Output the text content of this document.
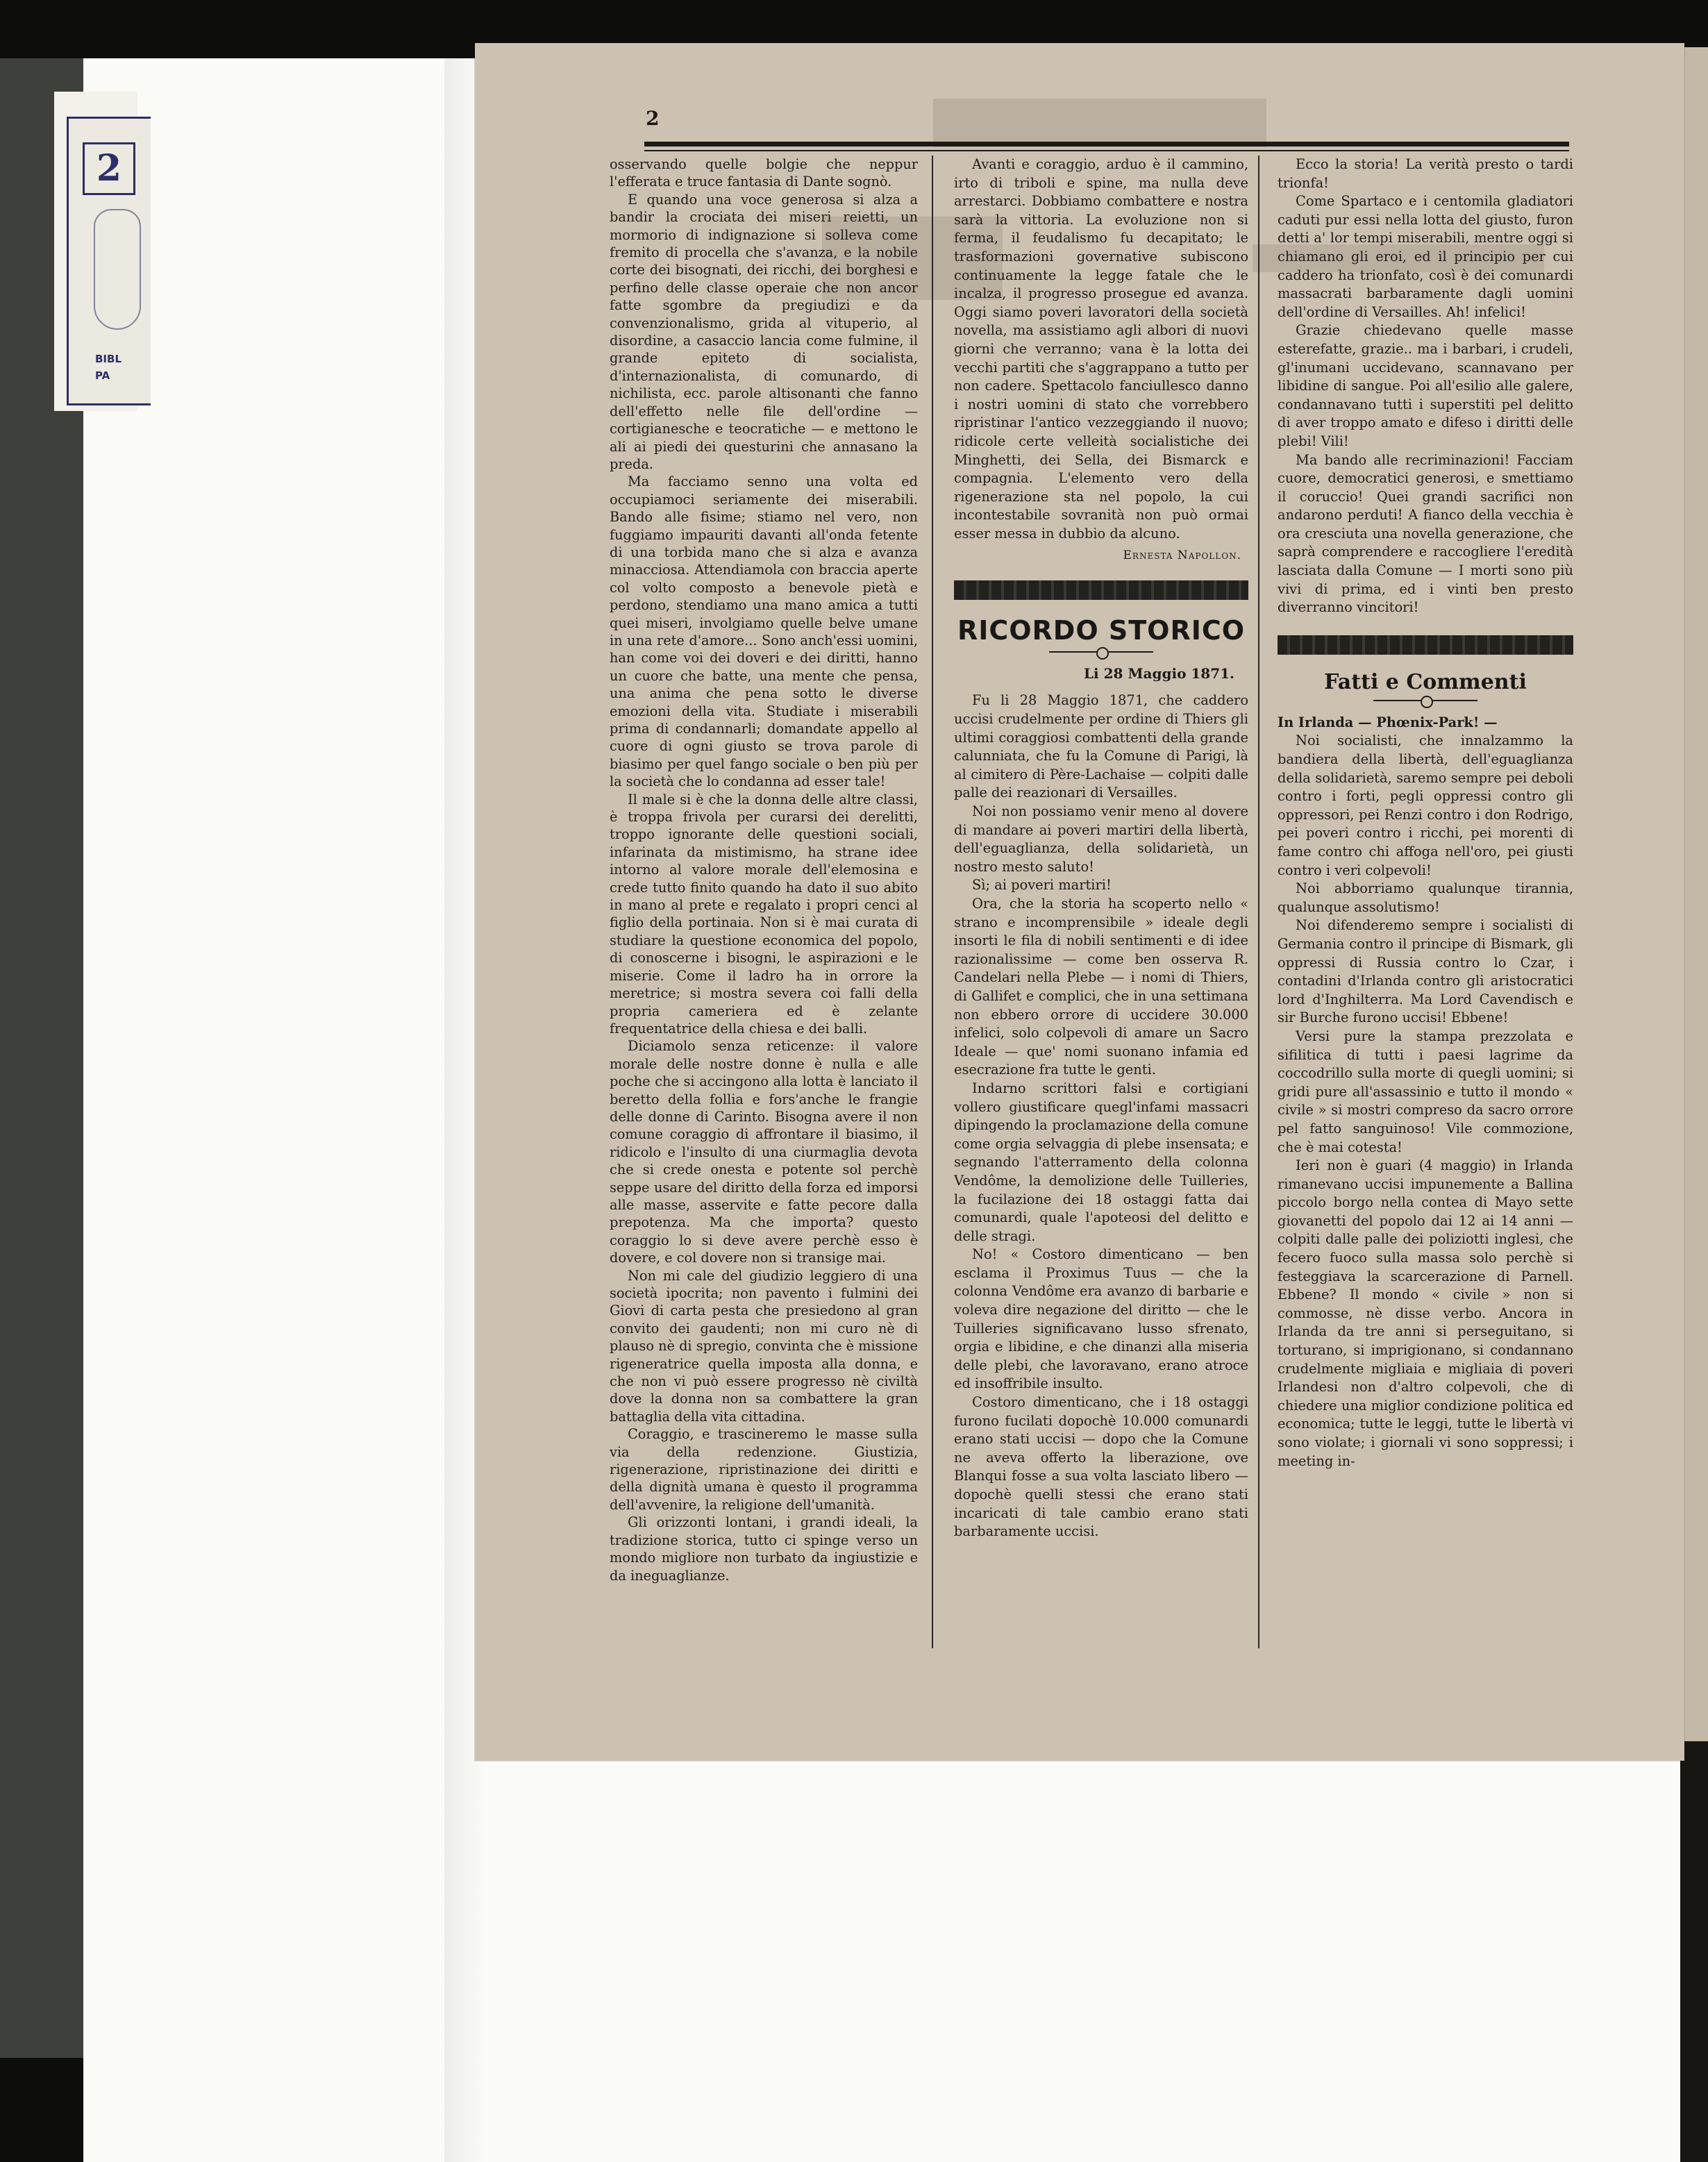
2
BIBL
PA
2

osservando quelle bolgie che neppur l'efferata e truce fantasia di Dante sognò.

E quando una voce generosa si alza a bandir la crociata dei miseri reietti, un mormorio di indignazione si solleva come fremito di procella che s'avanza, e la nobile corte dei bisognati, dei ricchi, dei borghesi e perfino delle classe operaie che non ancor fatte sgombre da pregiudizi e da convenzionalismo, grida al vituperio, al disordine, a casaccio lancia come fulmine, il grande epiteto di socialista, d'internazionalista, di comunardo, di nichilista, ecc. parole altisonanti che fanno dell'effetto nelle file dell'ordine — cortigianesche e teocratiche — e mettono le ali ai piedi dei questurini che annasano la preda.

Ma facciamo senno una volta ed occupiamoci seriamente dei miserabili. Bando alle fisime; stiamo nel vero, non fuggiamo impauriti davanti all'onda fetente di una torbida mano che si alza e avanza minacciosa. Attendiamola con braccia aperte col volto composto a benevole pietà e perdono, stendiamo una mano amica a tutti quei miseri, involgiamo quelle belve umane in una rete d'amore... Sono anch'essi uomini, han come voi dei doveri e dei diritti, hanno un cuore che batte, una mente che pensa, una anima che pena sotto le diverse emozioni della vita. Studiate i miserabili prima di condannarli; domandate appello al cuore di ogni giusto se trova parole di biasimo per quel fango sociale o ben più per la società che lo condanna ad esser tale!

Il male si è che la donna delle altre classi, è troppa frivola per curarsi dei derelitti, troppo ignorante delle questioni sociali, infarinata da mistimismo, ha strane idee intorno al valore morale dell'elemosina e crede tutto finito quando ha dato il suo abito in mano al prete e regalato i propri cenci al figlio della portinaia. Non si è mai curata di studiare la questione economica del popolo, di conoscerne i bisogni, le aspirazioni e le miserie. Come il ladro ha in orrore la meretrice; si mostra severa coi falli della propria cameriera ed è zelante frequentatrice della chiesa e dei balli.

Diciamolo senza reticenze: il valore morale delle nostre donne è nulla e alle poche che si accingono alla lotta è lanciato il beretto della follia e fors'anche le frangie delle donne di Carinto. Bisogna avere il non comune coraggio di affrontare il biasimo, il ridicolo e l'insulto di una ciurmaglia devota che si crede onesta e potente sol perchè seppe usare del diritto della forza ed imporsi alle masse, asservite e fatte pecore dalla prepotenza. Ma che importa? questo coraggio lo si deve avere perchè esso è dovere, e col dovere non si transige mai.

Non mi cale del giudizio leggiero di una società ipocrita; non pavento i fulmini dei Giovi di carta pesta che presiedono al gran convito dei gaudenti; non mi curo nè di plauso nè di spregio, convinta che è missione rigeneratrice quella imposta alla donna, e che non vi può essere progresso nè civiltà dove la donna non sa combattere la gran battaglia della vita cittadina.

Coraggio, e trascineremo le masse sulla via della redenzione. Giustizia, rigenerazione, ripristinazione dei diritti e della dignità umana è questo il programma dell'avvenire, la religione dell'umanità.

Gli orizzonti lontani, i grandi ideali, la tradizione storica, tutto ci spinge verso un mondo migliore non turbato da ingiustizie e da ineguaglianze.

Avanti e coraggio, arduo è il cammino, irto di triboli e spine, ma nulla deve arrestarci. Dobbiamo combattere e nostra sarà la vittoria. La evoluzione non si ferma, il feudalismo fu decapitato; le trasformazioni governative subiscono continuamente la legge fatale che le incalza, il progresso prosegue ed avanza. Oggi siamo poveri lavoratori della società novella, ma assistiamo agli albori di nuovi giorni che verranno; vana è la lotta dei vecchi partiti che s'aggrappano a tutto per non cadere. Spettacolo fanciullesco danno i nostri uomini di stato che vorrebbero ripristinar l'antico vezzeggiando il nuovo; ridicole certe velleità socialistiche dei Minghetti, dei Sella, dei Bismarck e compagnia. L'elemento vero della rigenerazione sta nel popolo, la cui incontestabile sovranità non può ormai esser messa in dubbio da alcuno.

Ernesta Napollon.
RICORDO STORICO
Li 28 Maggio 1871.

Fu li 28 Maggio 1871, che caddero uccisi crudelmente per ordine di Thiers gli ultimi coraggiosi combattenti della grande calunniata, che fu la Comune di Parigi, là al cimitero di Père-Lachaise — colpiti dalle palle dei reazionari di Versailles.

Noi non possiamo venir meno al dovere di mandare ai poveri martiri della libertà, dell'eguaglianza, della solidarietà, un nostro mesto saluto!

Sì; ai poveri martiri!

Ora, che la storia ha scoperto nello « strano e incomprensibile » ideale degli insorti le fila di nobili sentimenti e di idee razionalissime — come ben osserva R. Candelari nella Plebe — i nomi di Thiers, di Gallifet e complici, che in una settimana non ebbero orrore di uccidere 30.000 infelici, solo colpevoli di amare un Sacro Ideale — que' nomi suonano infamia ed esecrazione fra tutte le genti.

Indarno scrittori falsi e cortigiani vollero giustificare quegl'infami massacri dipingendo la proclamazione della comune come orgia selvaggia di plebe insensata; e segnando l'atterramento della colonna Vendôme, la demolizione delle Tuilleries, la fucilazione dei 18 ostaggi fatta dai comunardi, quale l'apoteosi del delitto e delle stragi.

No! « Costoro dimenticano — ben esclama il Proximus Tuus — che la colonna Vendôme era avanzo di barbarie e voleva dire negazione del diritto — che le Tuilleries significavano lusso sfrenato, orgia e libidine, e che dinanzi alla miseria delle plebi, che lavoravano, erano atroce ed insoffribile insulto.

Costoro dimenticano, che i 18 ostaggi furono fucilati dopochè 10.000 comunardi erano stati uccisi — dopo che la Comune ne aveva offerto la liberazione, ove Blanqui fosse a sua volta lasciato libero — dopochè quelli stessi che erano stati incaricati di tale cambio erano stati barbaramente uccisi.

Ecco la storia! La verità presto o tardi trionfa!

Come Spartaco e i centomila gladiatori caduti pur essi nella lotta del giusto, furon detti a' lor tempi miserabili, mentre oggi si chiamano gli eroi, ed il principio per cui caddero ha trionfato, così è dei comunardi massacrati barbaramente dagli uomini dell'ordine di Versailles. Ah! infelici!

Grazie chiedevano quelle masse esterefatte, grazie.. ma i barbari, i crudeli, gl'inumani uccidevano, scannavano per libidine di sangue. Poi all'esilio alle galere, condannavano tutti i superstiti pel delitto di aver troppo amato e difeso i diritti delle plebi! Vili!

Ma bando alle recriminazioni! Facciam cuore, democratici generosi, e smettiamo il coruccio! Quei grandi sacrifici non andarono perduti! A fianco della vecchia è ora cresciuta una novella generazione, che saprà comprendere e raccogliere l'eredità lasciata dalla Comune — I morti sono più vivi di prima, ed i vinti ben presto diverranno vincitori!

Fatti e Commenti

In Irlanda — Phœnix-Park! —

Noi socialisti, che innalzammo la bandiera della libertà, dell'eguaglianza della solidarietà, saremo sempre pei deboli contro i forti, pegli oppressi contro gli oppressori, pei Renzi contro i don Rodrigo, pei poveri contro i ricchi, pei morenti di fame contro chi affoga nell'oro, pei giusti contro i veri colpevoli!

Noi abborriamo qualunque tirannia, qualunque assolutismo!

Noi difenderemo sempre i socialisti di Germania contro il principe di Bismark, gli oppressi di Russia contro lo Czar, i contadini d'Irlanda contro gli aristocratici lord d'Inghilterra. Ma Lord Cavendisch e sir Burche furono uccisi! Ebbene!

Versi pure la stampa prezzolata e sifilitica di tutti i paesi lagrime da coccodrillo sulla morte di quegli uomini; si gridi pure all'assassinio e tutto il mondo « civile » si mostri compreso da sacro orrore pel fatto sanguinoso! Vile commozione, che è mai cotesta!

Ieri non è guari (4 maggio) in Irlanda rimanevano uccisi impunemente a Ballina piccolo borgo nella contea di Mayo sette giovanetti del popolo dai 12 ai 14 anni — colpiti dalle palle dei poliziotti inglesi, che fecero fuoco sulla massa solo perchè si festeggiava la scarcerazione di Parnell. Ebbene? Il mondo « civile » non si commosse, nè disse verbo. Ancora in Irlanda da tre anni si perseguitano, si torturano, si imprigionano, si condannano crudelmente migliaia e migliaia di poveri Irlandesi non d'altro colpevoli, che di chiedere una miglior condizione politica ed economica; tutte le leggi, tutte le libertà vi sono violate; i giornali vi sono soppressi; i meeting in-
